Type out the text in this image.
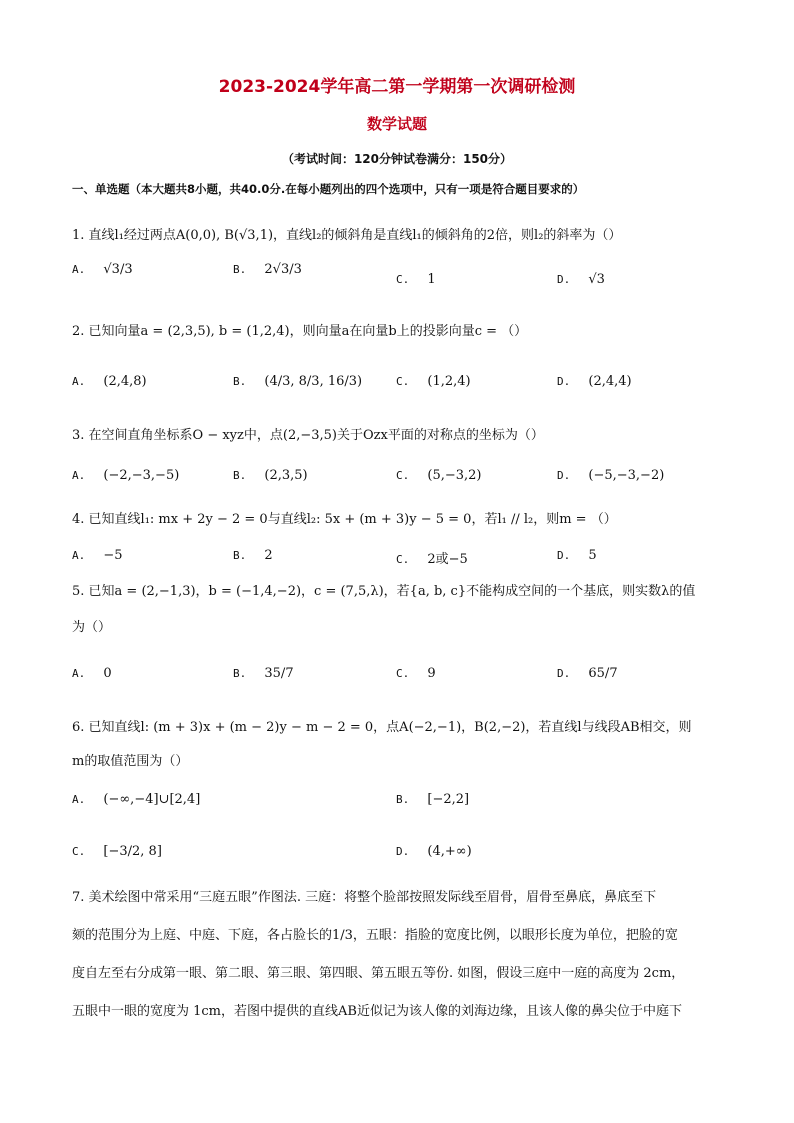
2023-2024学年高二第一学期第一次调研检测
数学试题
（考试时间：120分钟试卷满分：150分）
一、单选题（本大题共8小题，共40.0分.在每小题列出的四个选项中，只有一项是符合题目要求的）
1. 直线l₁经过两点A(0,0), B(√3,1)，直线l₂的倾斜角是直线l₁的倾斜角的2倍，则l₂的斜率为（）
A. √3/3	B. 2√3/3
C. 1	D. √3
2. 已知向量a = (2,3,5), b = (1,2,4)，则向量a在向量b上的投影向量c = （）
A. (2,4,8)	B. (4/3, 8/3, 16/3)	C. (1,2,4)	D. (2,4,4)
3. 在空间直角坐标系O − xyz中，点(2,−3,5)关于Ozx平面的对称点的坐标为（）
A. (−2,−3,−5)	B. (2,3,5)	C. (5,−3,2)	D. (−5,−3,−2)
4. 已知直线l₁: mx + 2y − 2 = 0与直线l₂: 5x + (m + 3)y − 5 = 0，若l₁ // l₂，则m = （）
A. −5	B. 2	C. 2或−5	D. 5
5. 已知a = (2,−1,3)，b = (−1,4,−2)，c = (7,5,λ)，若{a, b, c}不能构成空间的一个基底，则实数λ的值
为（）
A. 0	B. 35/7	C. 9	D. 65/7
6. 已知直线l: (m + 3)x + (m − 2)y − m − 2 = 0，点A(−2,−1)，B(2,−2)，若直线l与线段AB相交，则
m的取值范围为（）
A. (−∞,−4]∪[2,4]	B. [−2,2]
C. [−3/2, 8]	D. (4,+∞)
7. 美术绘图中常采用“三庭五眼”作图法. 三庭：将整个脸部按照发际线至眉骨，眉骨至鼻底，鼻底至下
颏的范围分为上庭、中庭、下庭，各占脸长的1/3，五眼：指脸的宽度比例，以眼形长度为单位，把脸的宽
度自左至右分成第一眼、第二眼、第三眼、第四眼、第五眼五等份. 如图，假设三庭中一庭的高度为 2cm，
五眼中一眼的宽度为 1cm，若图中提供的直线AB近似记为该人像的刘海边缘，且该人像的鼻尖位于中庭下
